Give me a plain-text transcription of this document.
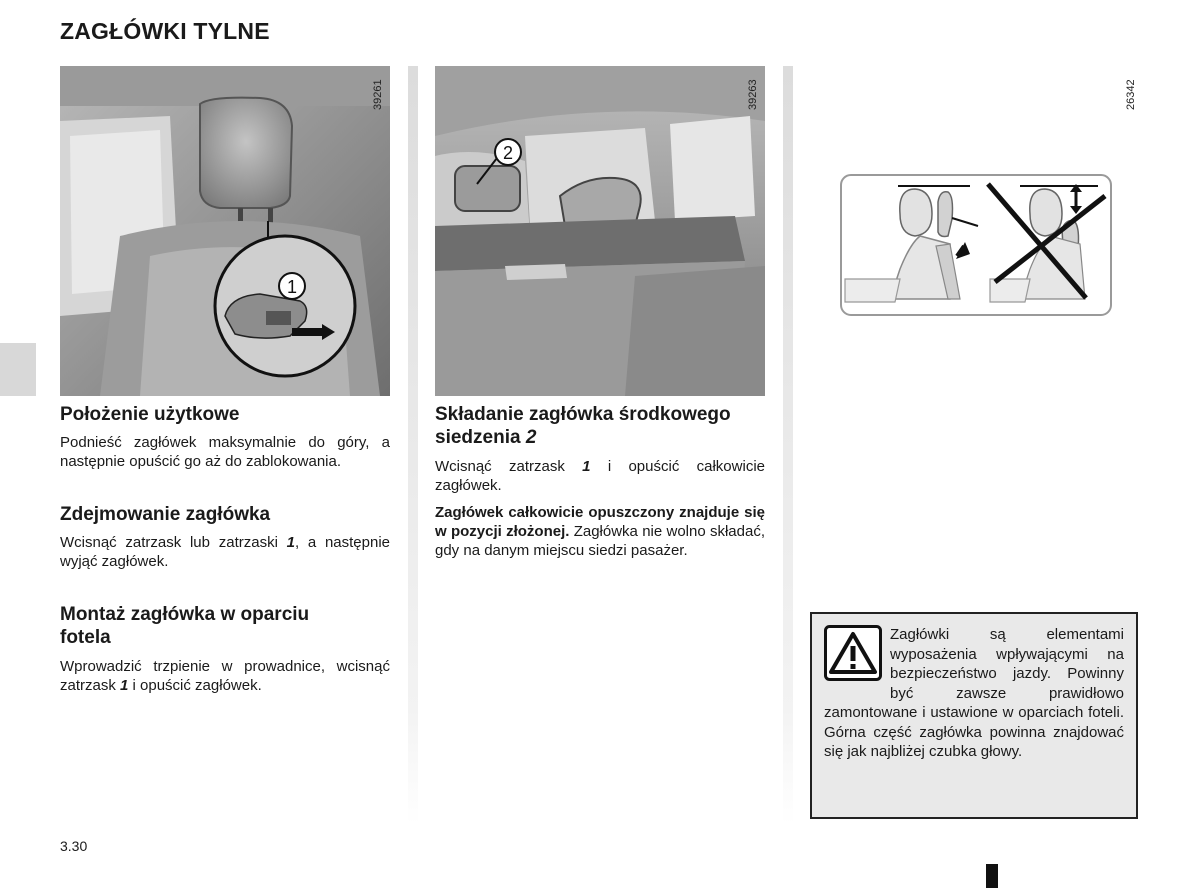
ZAGŁÓWKI TYLNE
1
39261
2
39263	26342
Położenie użytkowe

Podnieść zagłówek maksymalnie do góry, a następnie opuścić go aż do zablokowania.

Zdejmowanie zagłówka

Wcisnąć zatrzask lub zatrzaski 1, a następnie wyjąć zagłówek.

Montaż zagłówka w oparciu fotela

Wprowadzić trzpienie w prowadnice, wcisnąć zatrzask 1 i opuścić zagłówek.

Składanie zagłówka środkowego siedzenia 2

Wcisnąć zatrzask 1 i opuścić całkowicie zagłówek.

Zagłówek całkowicie opuszczony znajduje się w pozycji złożonej. Zagłówka nie wolno składać, gdy na danym miejscu siedzi pasażer.

Zagłówki są elementami wyposażenia wpływającymi na bezpieczeństwo jazdy. Powinny być zawsze prawidłowo zamontowane i ustawione w oparciach foteli. Górna część zagłówka powinna znajdować się jak najbliżej czubka głowy.
3.30
